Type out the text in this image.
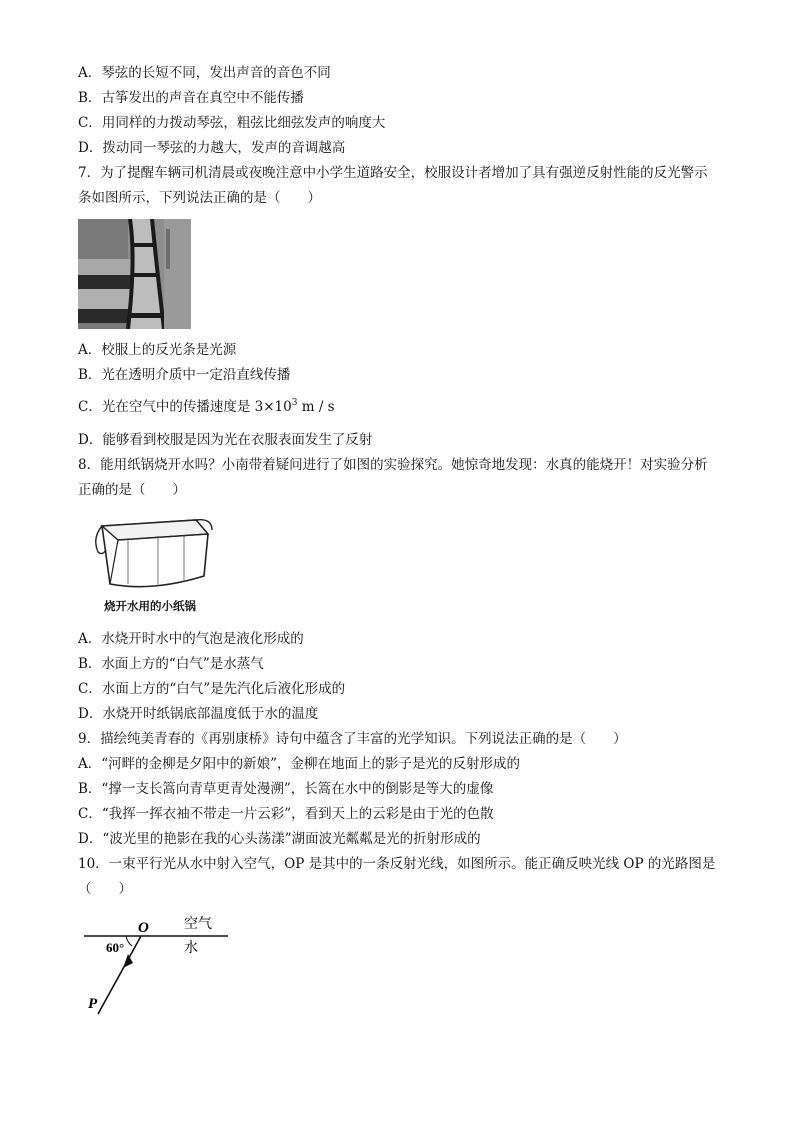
A．琴弦的长短不同，发出声音的音色不同
B．古筝发出的声音在真空中不能传播
C．用同样的力拨动琴弦，粗弦比细弦发声的响度大
D．拨动同一琴弦的力越大，发声的音调越高
7．为了提醒车辆司机清晨或夜晚注意中小学生道路安全，校服设计者增加了具有强逆反射性能的反光警示
条如图所示，下列说法正确的是（　　）
A．校服上的反光条是光源
B．光在透明介质中一定沿直线传播
C．光在空气中的传播速度是 $3\times 10^3$ m / s
D．能够看到校服是因为光在衣服表面发生了反射
8．能用纸锅烧开水吗？小南带着疑问进行了如图的实验探究。她惊奇地发现：水真的能烧开！对实验分析
正确的是（　　）
烧开水用的小纸锅
A．水烧开时水中的气泡是液化形成的
B．水面上方的“白气”是水蒸气
C．水面上方的“白气”是先汽化后液化形成的
D．水烧开时纸锅底部温度低于水的温度
9．描绘纯美青春的《再别康桥》诗句中蕴含了丰富的光学知识。下列说法正确的是（　　）
A．“河畔的金柳是夕阳中的新娘”，金柳在地面上的影子是光的反射形成的
B．“撑一支长篙向青草更青处漫溯”，长篙在水中的倒影是等大的虚像
C．“我挥一挥衣袖不带走一片云彩”，看到天上的云彩是由于光的色散
D．“波光里的艳影在我的心头荡漾”湖面波光粼粼是光的折射形成的
10．一束平行光从水中射入空气，OP 是其中的一条反射光线，如图所示。能正确反映光线 OP 的光路图是
（　　）
O	空气
水
60°
P
